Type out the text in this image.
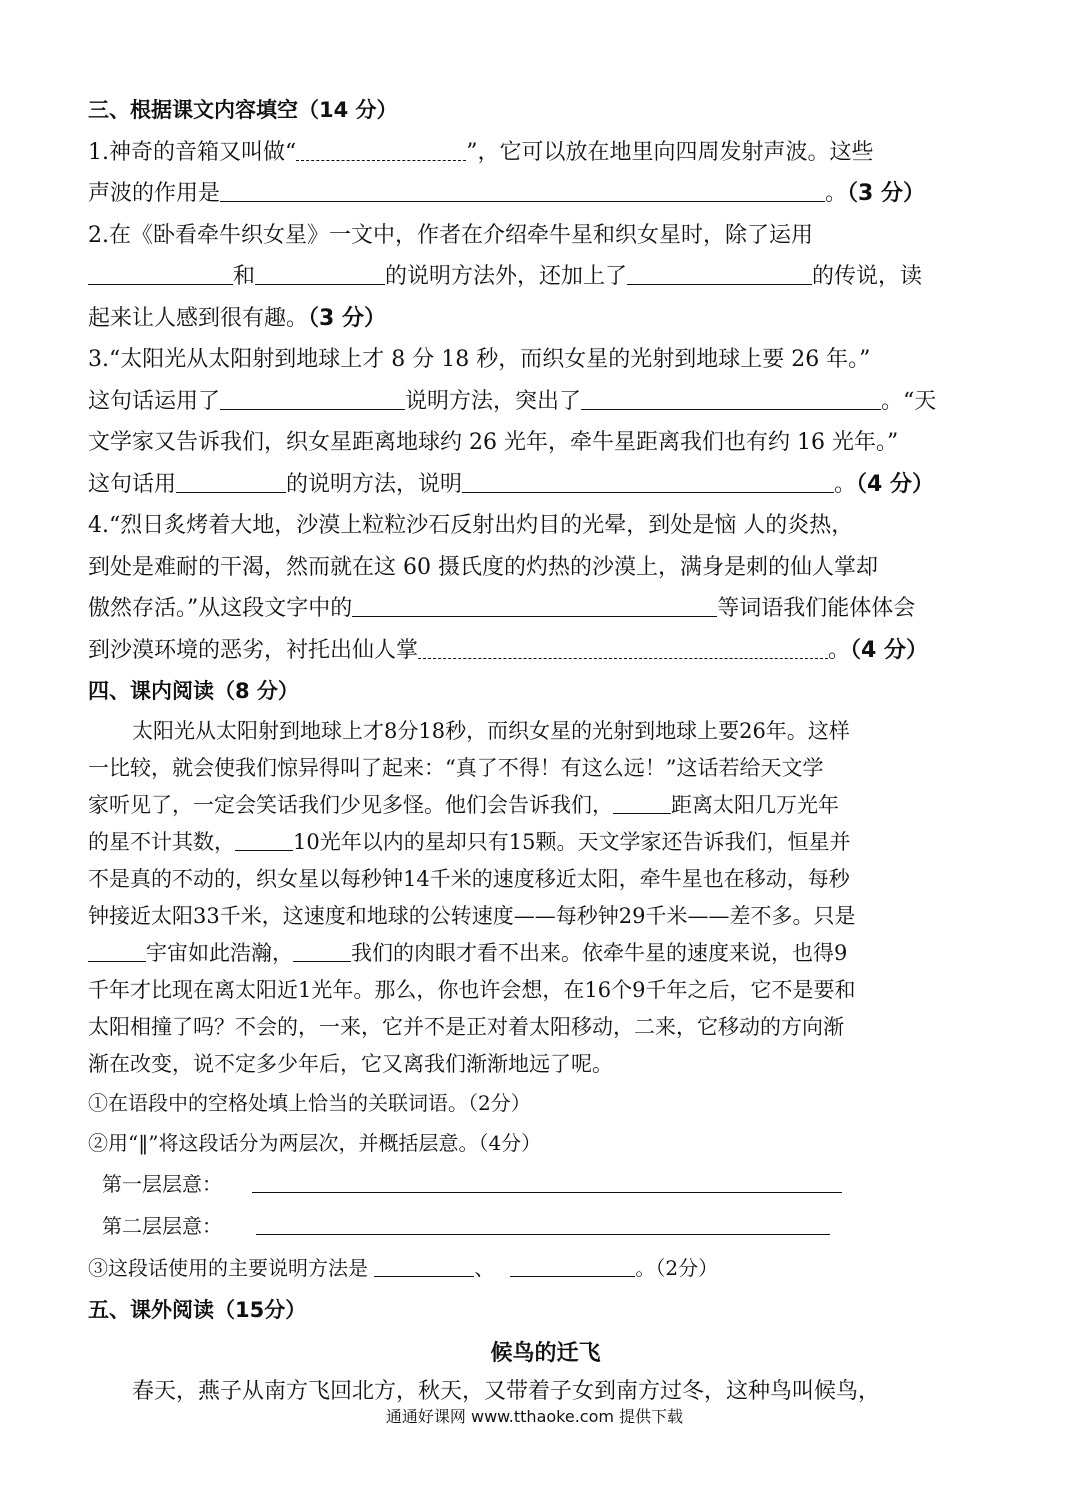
三、根据课文内容填空（14 分）
1.神奇的音箱又叫做“	”，它可以放在地里向四周发射声波。这些
声波的作用是	。（3 分）
2.在《卧看牵牛织女星》一文中，作者在介绍牵牛星和织女星时，除了运用
和	的说明方法外，还加上了	的传说，读
起来让人感到很有趣。（3 分）
3.“太阳光从太阳射到地球上才 8 分 18 秒，而织女星的光射到地球上要 26 年。”
这句话运用了	说明方法，突出了	。“天
文学家又告诉我们，织女星距离地球约 26 光年，牵牛星距离我们也有约 16 光年。”
这句话用	的说明方法，说明	。（4 分）
4.“烈日炙烤着大地，沙漠上粒粒沙石反射出灼目的光晕，到处是恼 人的炎热，
到处是难耐的干渴，然而就在这 60 摄氏度的灼热的沙漠上，满身是刺的仙人掌却
傲然存活。”从这段文字中的	等词语我们能体体会
到沙漠环境的恶劣，衬托出仙人掌	。（4 分）
四、课内阅读（8 分）
太阳光从太阳射到地球上才8分18秒，而织女星的光射到地球上要26年。这样
一比较，就会使我们惊异得叫了起来：“真了不得！有这么远！”这话若给天文学
家听见了，一定会笑话我们少见多怪。他们会告诉我们，	距离太阳几万光年
的星不计其数，	10光年以内的星却只有15颗。天文学家还告诉我们，恒星并
不是真的不动的，织女星以每秒钟14千米的速度移近太阳，牵牛星也在移动，每秒
钟接近太阳33千米，这速度和地球的公转速度——每秒钟29千米——差不多。只是
宇宙如此浩瀚，	我们的肉眼才看不出来。依牵牛星的速度来说，也得9
千年才比现在离太阳近1光年。那么，你也许会想，在16个9千年之后，它不是要和
太阳相撞了吗？不会的，一来，它并不是正对着太阳移动，二来，它移动的方向渐
渐在改变，说不定多少年后，它又离我们渐渐地远了呢。
①在语段中的空格处填上恰当的关联词语。（2分）
②用“‖”将这段话分为两层次，并概括层意。（4分）
第一层层意：
第二层层意：
③这段话使用的主要说明方法是	、	。（2分）
五、课外阅读（15分）
候鸟的迁飞
春天，燕子从南方飞回北方，秋天，又带着子女到南方过冬，这种鸟叫候鸟，
通通好课网 www.tthaoke.com 提供下载
